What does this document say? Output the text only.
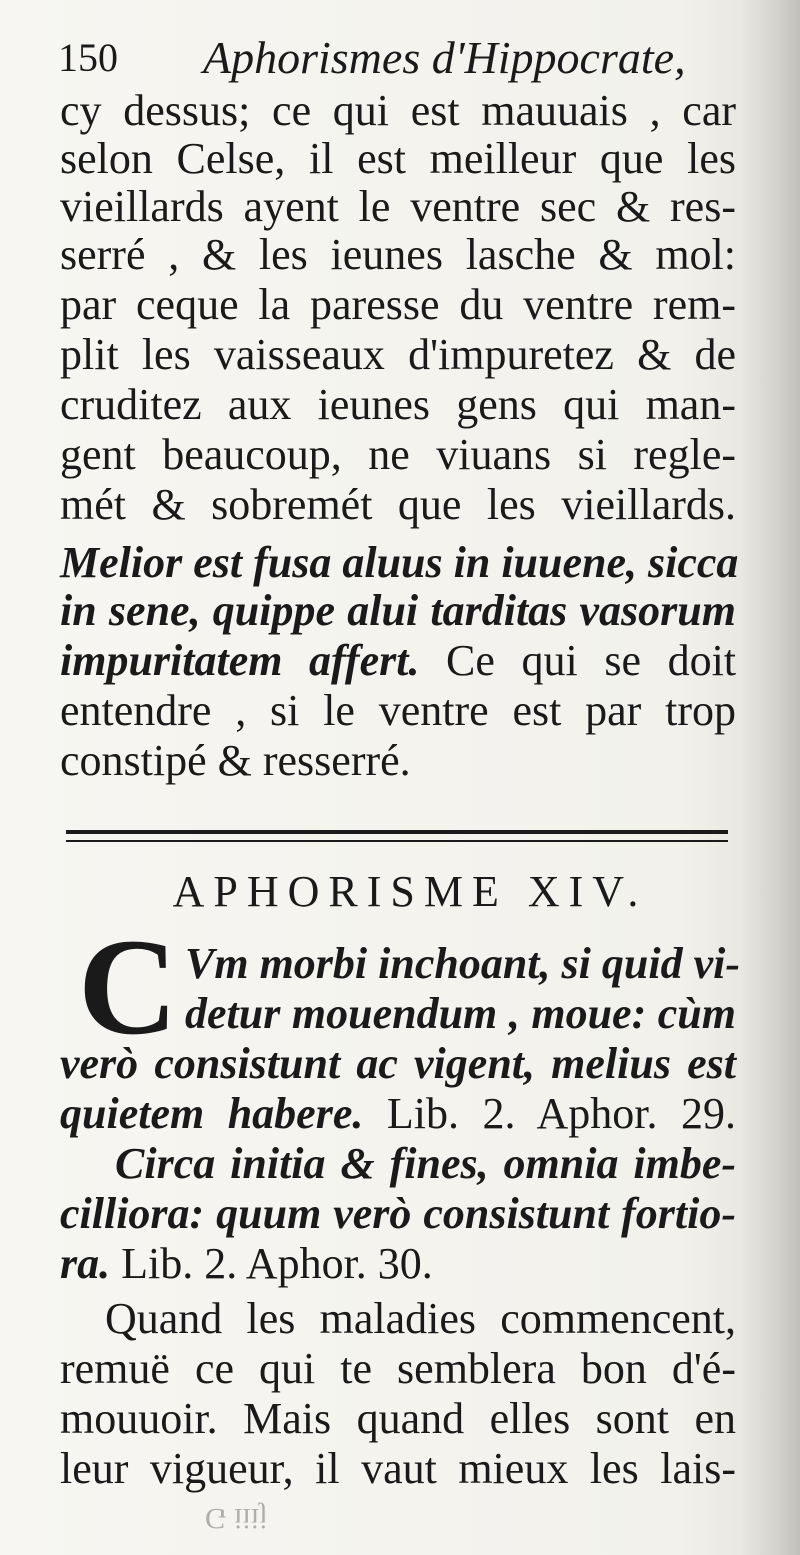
150 Aphorismes d'Hippocrate,
cy dessus; ce qui est mauuais , car
selon Celse, il est meilleur que les
vieillards ayent le ventre sec & res-
serré , & les ieunes lasche & mol:
par ceque la paresse du ventre rem-
plit les vaisseaux d'impuretez & de
cruditez aux ieunes gens qui man-
gent beaucoup, ne viuans si regle-
mét & sobremét que les vieillards.
Melior est fusa aluus in iuuene, sicca
in sene, quippe alui tarditas vasorum
impuritatem affert. Ce qui se doit
entendre , si le ventre est par trop
constipé & resserré.
APHORISME XIV.
C Vm morbi inchoant, si quid vi-
detur mouendum , moue: cùm
verò consistunt ac vigent, melius est
quietem habere. Lib. 2. Aphor. 29.
Circa initia & fines, omnia imbe-
cilliora: quum verò consistunt fortio-
ra. Lib. 2. Aphor. 30.
Quand les maladies commencent,
remuë ce qui te semblera bon d'é-
mouuoir. Mais quand elles sont en
leur vigueur, il vaut mieux les lais-
G iiij
